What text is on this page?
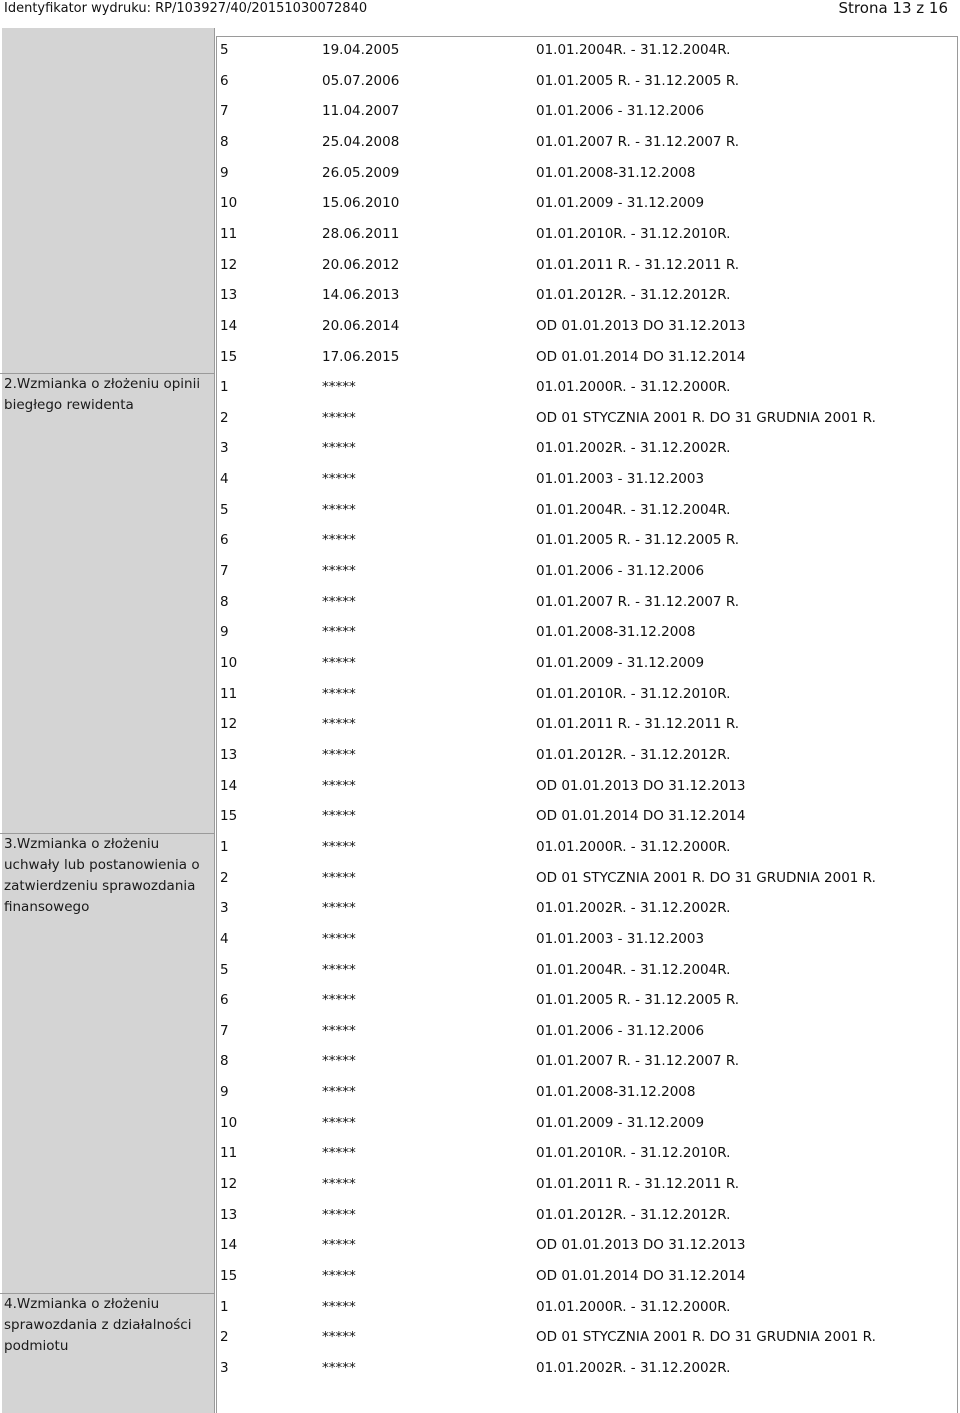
Identyfikator wydruku: RP/103927/40/20151030072840	Strona 13 z 16
5	19.04.2005	01.01.2004R. - 31.12.2004R.
6	05.07.2006	01.01.2005 R. - 31.12.2005 R.
7	11.04.2007	01.01.2006 - 31.12.2006
8	25.04.2008	01.01.2007 R. - 31.12.2007 R.
9	26.05.2009	01.01.2008-31.12.2008
10	15.06.2010	01.01.2009 - 31.12.2009
11	28.06.2011	01.01.2010R. - 31.12.2010R.
12	20.06.2012	01.01.2011 R. - 31.12.2011 R.
13	14.06.2013	01.01.2012R. - 31.12.2012R.
14	20.06.2014	OD 01.01.2013 DO 31.12.2013
15	17.06.2015	OD 01.01.2014 DO 31.12.2014
2.Wzmianka o złożeniu opinii biegłego rewidenta
1	*****	01.01.2000R. - 31.12.2000R.
2	*****	OD 01 STYCZNIA 2001 R. DO 31 GRUDNIA 2001 R.
3	*****	01.01.2002R. - 31.12.2002R.
4	*****	01.01.2003 - 31.12.2003
5	*****	01.01.2004R. - 31.12.2004R.
6	*****	01.01.2005 R. - 31.12.2005 R.
7	*****	01.01.2006 - 31.12.2006
8	*****	01.01.2007 R. - 31.12.2007 R.
9	*****	01.01.2008-31.12.2008
10	*****	01.01.2009 - 31.12.2009
11	*****	01.01.2010R. - 31.12.2010R.
12	*****	01.01.2011 R. - 31.12.2011 R.
13	*****	01.01.2012R. - 31.12.2012R.
14	*****	OD 01.01.2013 DO 31.12.2013
15	*****	OD 01.01.2014 DO 31.12.2014
3.Wzmianka o złożeniu uchwały lub postanowienia o zatwierdzeniu sprawozdania finansowego
1	*****	01.01.2000R. - 31.12.2000R.
2	*****	OD 01 STYCZNIA 2001 R. DO 31 GRUDNIA 2001 R.
3	*****	01.01.2002R. - 31.12.2002R.
4	*****	01.01.2003 - 31.12.2003
5	*****	01.01.2004R. - 31.12.2004R.
6	*****	01.01.2005 R. - 31.12.2005 R.
7	*****	01.01.2006 - 31.12.2006
8	*****	01.01.2007 R. - 31.12.2007 R.
9	*****	01.01.2008-31.12.2008
10	*****	01.01.2009 - 31.12.2009
11	*****	01.01.2010R. - 31.12.2010R.
12	*****	01.01.2011 R. - 31.12.2011 R.
13	*****	01.01.2012R. - 31.12.2012R.
14	*****	OD 01.01.2013 DO 31.12.2013
15	*****	OD 01.01.2014 DO 31.12.2014
4.Wzmianka o złożeniu sprawozdania z działalności podmiotu
1	*****	01.01.2000R. - 31.12.2000R.
2	*****	OD 01 STYCZNIA 2001 R. DO 31 GRUDNIA 2001 R.
3	*****	01.01.2002R. - 31.12.2002R.
